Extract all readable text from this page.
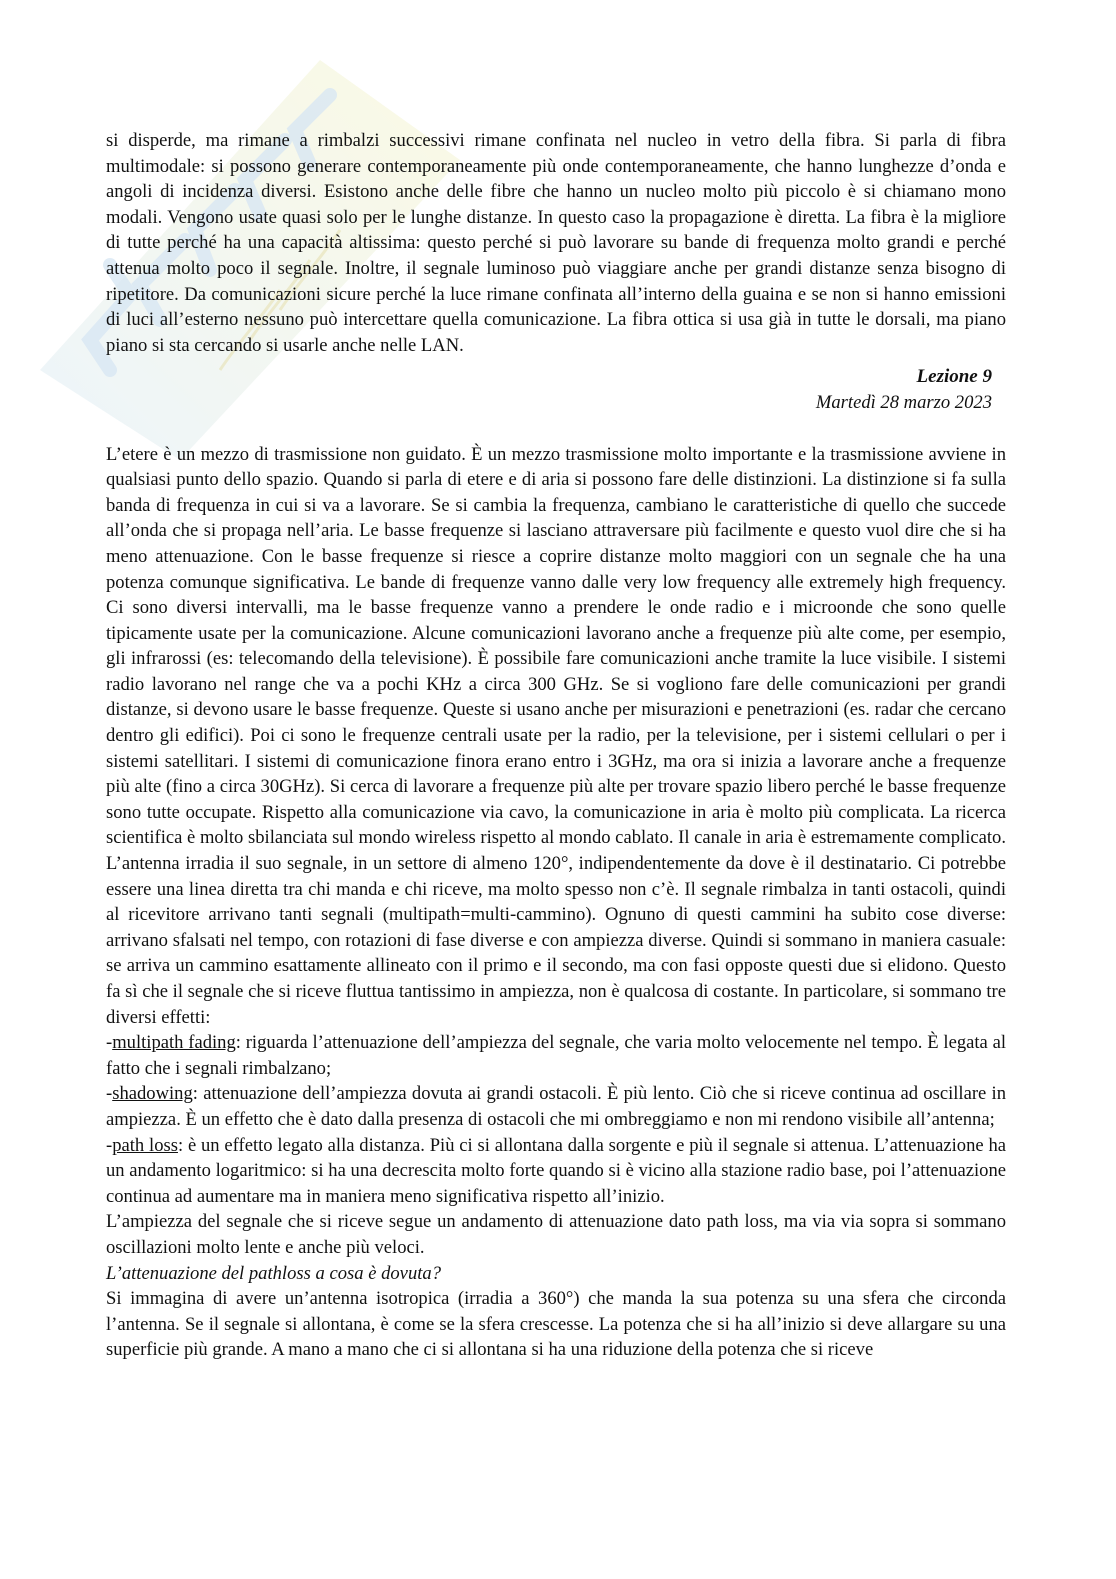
si disperde, ma rimane a rimbalzi successivi rimane confinata nel nucleo in vetro della fibra. Si parla di fibra multimodale: si possono generare contemporaneamente più onde contemporaneamente, che hanno lunghezze d’onda e angoli di incidenza diversi. Esistono anche delle fibre che hanno un nucleo molto più piccolo è si chiamano mono modali. Vengono usate quasi solo per le lunghe distanze. In questo caso la propagazione è diretta. La fibra è la migliore di tutte perché ha una capacità altissima: questo perché si può lavorare su bande di frequenza molto grandi e perché attenua molto poco il segnale. Inoltre, il segnale luminoso può viaggiare anche per grandi distanze senza bisogno di ripetitore. Da comunicazioni sicure perché la luce rimane confinata all’interno della guaina e se non si hanno emissioni di luci all’esterno nessuno può intercettare quella comunicazione. La fibra ottica si usa già in tutte le dorsali, ma piano piano si sta cercando si usarle anche nelle LAN.

Lezione 9
Martedì 28 marzo 2023

L’etere è un mezzo di trasmissione non guidato. È un mezzo trasmissione molto importante e la trasmissione avviene in qualsiasi punto dello spazio. Quando si parla di etere e di aria si possono fare delle distinzioni. La distinzione si fa sulla banda di frequenza in cui si va a lavorare. Se si cambia la frequenza, cambiano le caratteristiche di quello che succede all’onda che si propaga nell’aria. Le basse frequenze si lasciano attraversare più facilmente e questo vuol dire che si ha meno attenuazione. Con le basse frequenze si riesce a coprire distanze molto maggiori con un segnale che ha una potenza comunque significativa. Le bande di frequenze vanno dalle very low frequency alle extremely high frequency. Ci sono diversi intervalli, ma le basse frequenze vanno a prendere le onde radio e i microonde che sono quelle tipicamente usate per la comunicazione. Alcune comunicazioni lavorano anche a frequenze più alte come, per esempio, gli infrarossi (es: telecomando della televisione). È possibile fare comunicazioni anche tramite la luce visibile. I sistemi radio lavorano nel range che va a pochi KHz a circa 300 GHz. Se si vogliono fare delle comunicazioni per grandi distanze, si devono usare le basse frequenze. Queste si usano anche per misurazioni e penetrazioni (es. radar che cercano dentro gli edifici). Poi ci sono le frequenze centrali usate per la radio, per la televisione, per i sistemi cellulari o per i sistemi satellitari. I sistemi di comunicazione finora erano entro i 3GHz, ma ora si inizia a lavorare anche a frequenze più alte (fino a circa 30GHz). Si cerca di lavorare a frequenze più alte per trovare spazio libero perché le basse frequenze sono tutte occupate. Rispetto alla comunicazione via cavo, la comunicazione in aria è molto più complicata. La ricerca scientifica è molto sbilanciata sul mondo wireless rispetto al mondo cablato. Il canale in aria è estremamente complicato. L’antenna irradia il suo segnale, in un settore di almeno 120°, indipendentemente da dove è il destinatario. Ci potrebbe essere una linea diretta tra chi manda e chi riceve, ma molto spesso non c’è. Il segnale rimbalza in tanti ostacoli, quindi al ricevitore arrivano tanti segnali (multipath=multi-cammino). Ognuno di questi cammini ha subito cose diverse: arrivano sfalsati nel tempo, con rotazioni di fase diverse e con ampiezza diverse. Quindi si sommano in maniera casuale: se arriva un cammino esattamente allineato con il primo e il secondo, ma con fasi opposte questi due si elidono. Questo fa sì che il segnale che si riceve fluttua tantissimo in ampiezza, non è qualcosa di costante. In particolare, si sommano tre diversi effetti:

-multipath fading: riguarda l’attenuazione dell’ampiezza del segnale, che varia molto velocemente nel tempo. È legata al fatto che i segnali rimbalzano;

-shadowing: attenuazione dell’ampiezza dovuta ai grandi ostacoli. È più lento. Ciò che si riceve continua ad oscillare in ampiezza. È un effetto che è dato dalla presenza di ostacoli che mi ombreggiamo e non mi rendono visibile all’antenna;

-path loss: è un effetto legato alla distanza. Più ci si allontana dalla sorgente e più il segnale si attenua. L’attenuazione ha un andamento logaritmico: si ha una decrescita molto forte quando si è vicino alla stazione radio base, poi l’attenuazione continua ad aumentare ma in maniera meno significativa rispetto all’inizio.

L’ampiezza del segnale che si riceve segue un andamento di attenuazione dato path loss, ma via via sopra si sommano oscillazioni molto lente e anche più veloci.

L’attenuazione del pathloss a cosa è dovuta?

Si immagina di avere un’antenna isotropica (irradia a 360°) che manda la sua potenza su una sfera che circonda l’antenna. Se il segnale si allontana, è come se la sfera crescesse. La potenza che si ha all’inizio si deve allargare su una superficie più grande. A mano a mano che ci si allontana si ha una riduzione della potenza che si riceve
